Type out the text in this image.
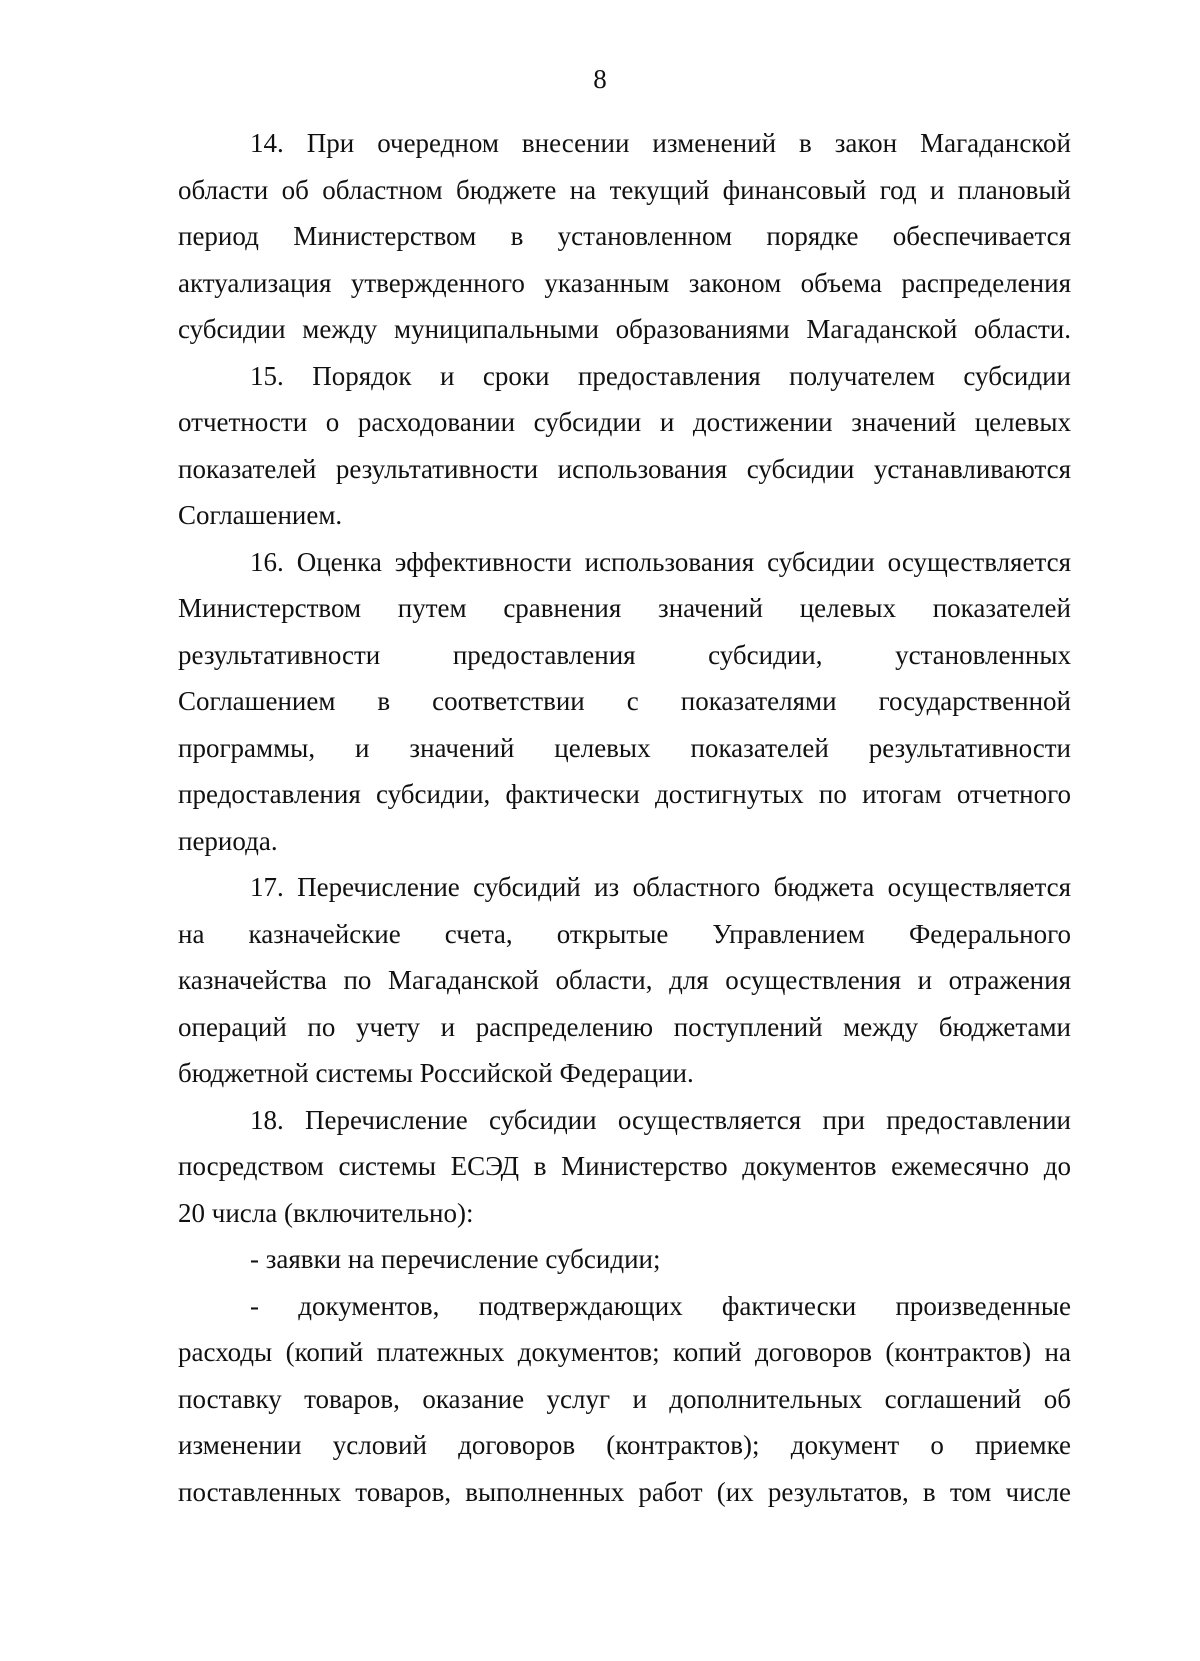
8
14. При очередном внесении изменений в закон Магаданской
области об областном бюджете на текущий финансовый год и плановый
период Министерством в установленном порядке обеспечивается
актуализация утвержденного указанным законом объема распределения
субсидии между муниципальными образованиями Магаданской области.
15. Порядок и сроки предоставления получателем субсидии
отчетности о расходовании субсидии и достижении значений целевых
показателей результативности использования субсидии устанавливаются
Соглашением.
16. Оценка эффективности использования субсидии осуществляется
Министерством путем сравнения значений целевых показателей
результативности предоставления субсидии, установленных
Соглашением в соответствии с показателями государственной
программы, и значений целевых показателей результативности
предоставления субсидии, фактически достигнутых по итогам отчетного
периода.
17. Перечисление субсидий из областного бюджета осуществляется
на казначейские счета, открытые Управлением Федерального
казначейства по Магаданской области, для осуществления и отражения
операций по учету и распределению поступлений между бюджетами
бюджетной системы Российской Федерации.
18. Перечисление субсидии осуществляется при предоставлении
посредством системы ЕСЭД в Министерство документов ежемесячно до
20 числа (включительно):
- заявки на перечисление субсидии;
- документов, подтверждающих фактически произведенные
расходы (копий платежных документов; копий договоров (контрактов) на
поставку товаров, оказание услуг и дополнительных соглашений об
изменении условий договоров (контрактов); документ о приемке
поставленных товаров, выполненных работ (их результатов, в том числе
